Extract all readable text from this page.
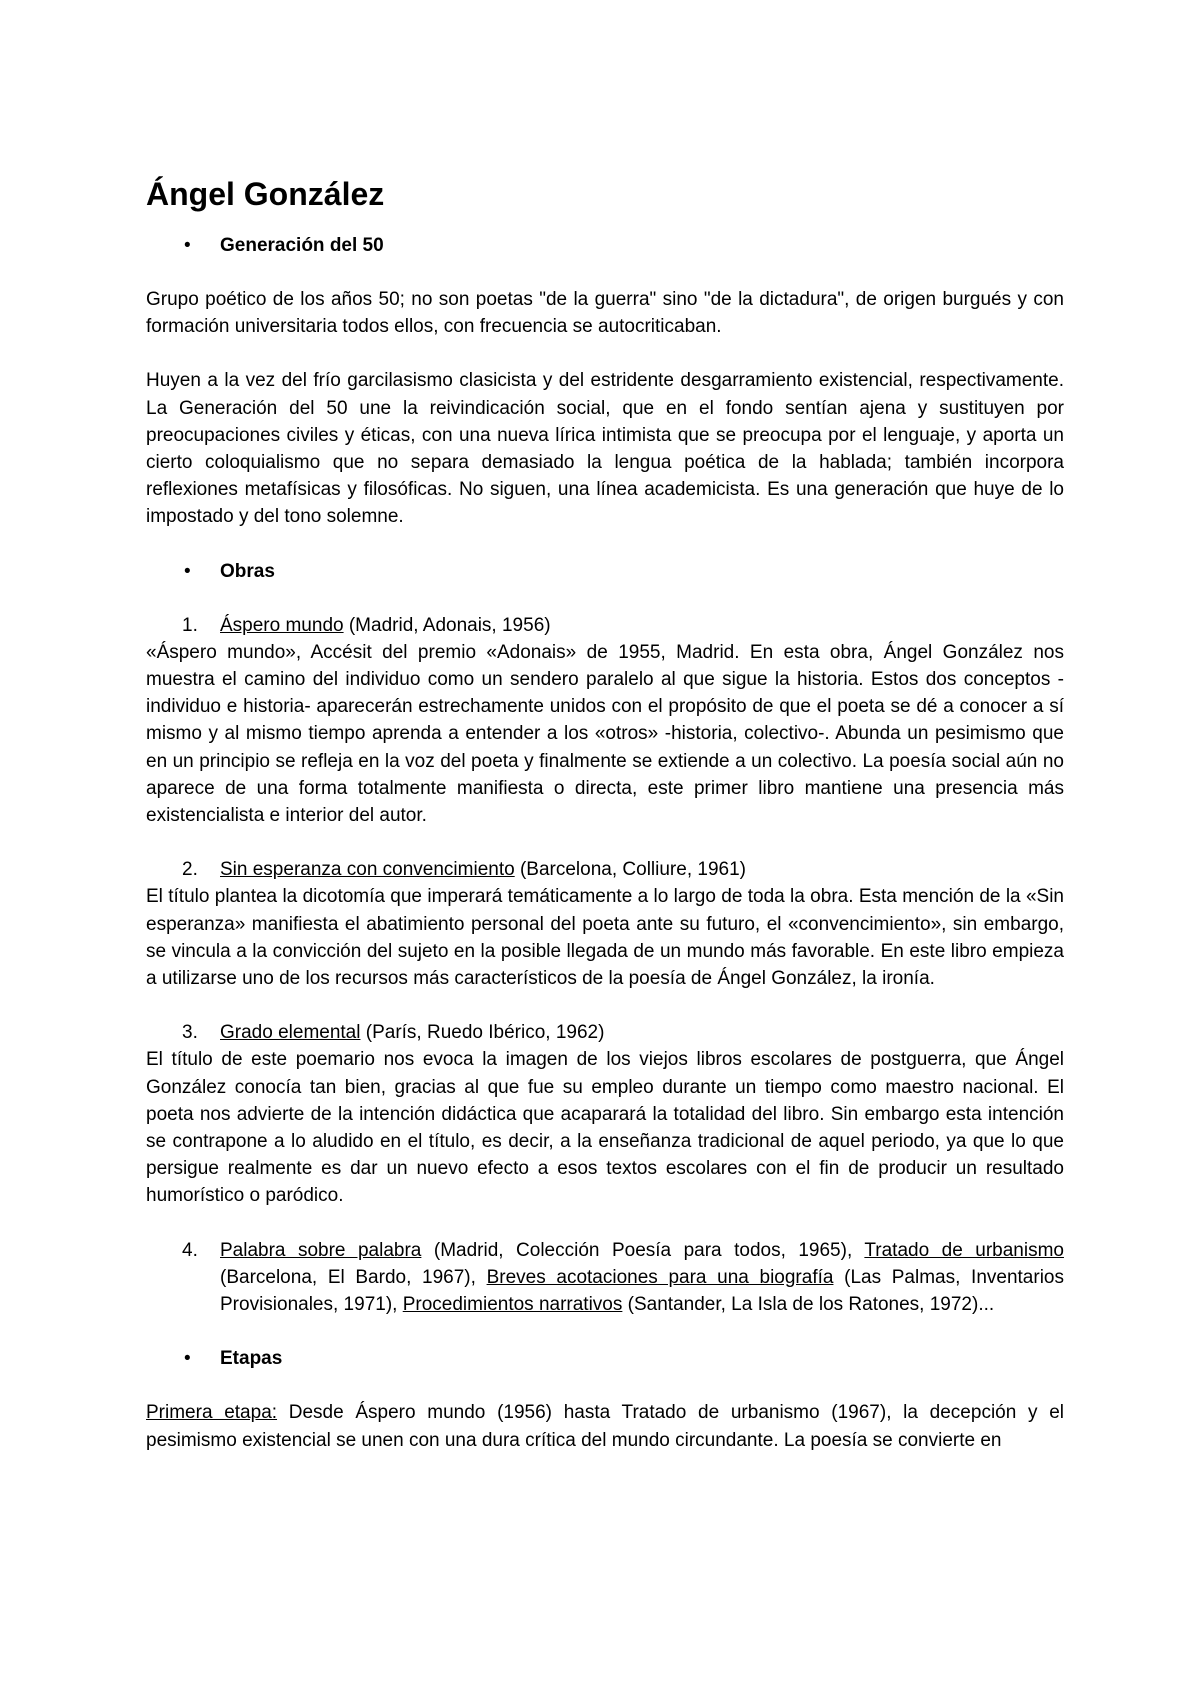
Ángel González
• Generación del 50

Grupo poético de los años 50; no son poetas "de la guerra" sino "de la dictadura", de origen burgués y con formación universitaria todos ellos, con frecuencia se autocriticaban.

Huyen a la vez del frío garcilasismo clasicista y del estridente desgarramiento existencial, respectivamente. La Generación del 50 une la reivindicación social, que en el fondo sentían ajena y sustituyen por preocupaciones civiles y éticas, con una nueva lírica intimista que se preocupa por el lenguaje, y aporta un cierto coloquialismo que no separa demasiado la lengua poética de la hablada; también incorpora reflexiones metafísicas y filosóficas. No siguen, una línea academicista. Es una generación que huye de lo impostado y del tono solemne.

• Obras
1. Áspero mundo (Madrid, Adonais, 1956)

«Áspero mundo», Accésit del premio «Adonais» de 1955, Madrid. En esta obra, Ángel González nos muestra el camino del individuo como un sendero paralelo al que sigue la historia. Estos dos conceptos -individuo e historia- aparecerán estrechamente unidos con el propósito de que el poeta se dé a conocer a sí mismo y al mismo tiempo aprenda a entender a los «otros» -historia, colectivo-. Abunda un pesimismo que en un principio se refleja en la voz del poeta y finalmente se extiende a un colectivo. La poesía social aún no aparece de una forma totalmente manifiesta o directa, este primer libro mantiene una presencia más existencialista e interior del autor.

2. Sin esperanza con convencimiento (Barcelona, Colliure, 1961)

El título plantea la dicotomía que imperará temáticamente a lo largo de toda la obra. Esta mención de la «Sin esperanza» manifiesta el abatimiento personal del poeta ante su futuro, el «convencimiento», sin embargo, se vincula a la convicción del sujeto en la posible llegada de un mundo más favorable. En este libro empieza a utilizarse uno de los recursos más característicos de la poesía de Ángel González, la ironía.

3. Grado elemental (París, Ruedo Ibérico, 1962)

El título de este poemario nos evoca la imagen de los viejos libros escolares de postguerra, que Ángel González conocía tan bien, gracias al que fue su empleo durante un tiempo como maestro nacional. El poeta nos advierte de la intención didáctica que acaparará la totalidad del libro. Sin embargo esta intención se contrapone a lo aludido en el título, es decir, a la enseñanza tradicional de aquel periodo, ya que lo que persigue realmente es dar un nuevo efecto a esos textos escolares con el fin de producir un resultado humorístico o paródico.

4. Palabra sobre palabra (Madrid, Colección Poesía para todos, 1965), Tratado de urbanismo (Barcelona, El Bardo, 1967), Breves acotaciones para una biografía (Las Palmas, Inventarios Provisionales, 1971), Procedimientos narrativos (Santander, La Isla de los Ratones, 1972)...
• Etapas

Primera etapa: Desde Áspero mundo (1956) hasta Tratado de urbanismo (1967), la decepción y el pesimismo existencial se unen con una dura crítica del mundo circundante. La poesía se convierte en
